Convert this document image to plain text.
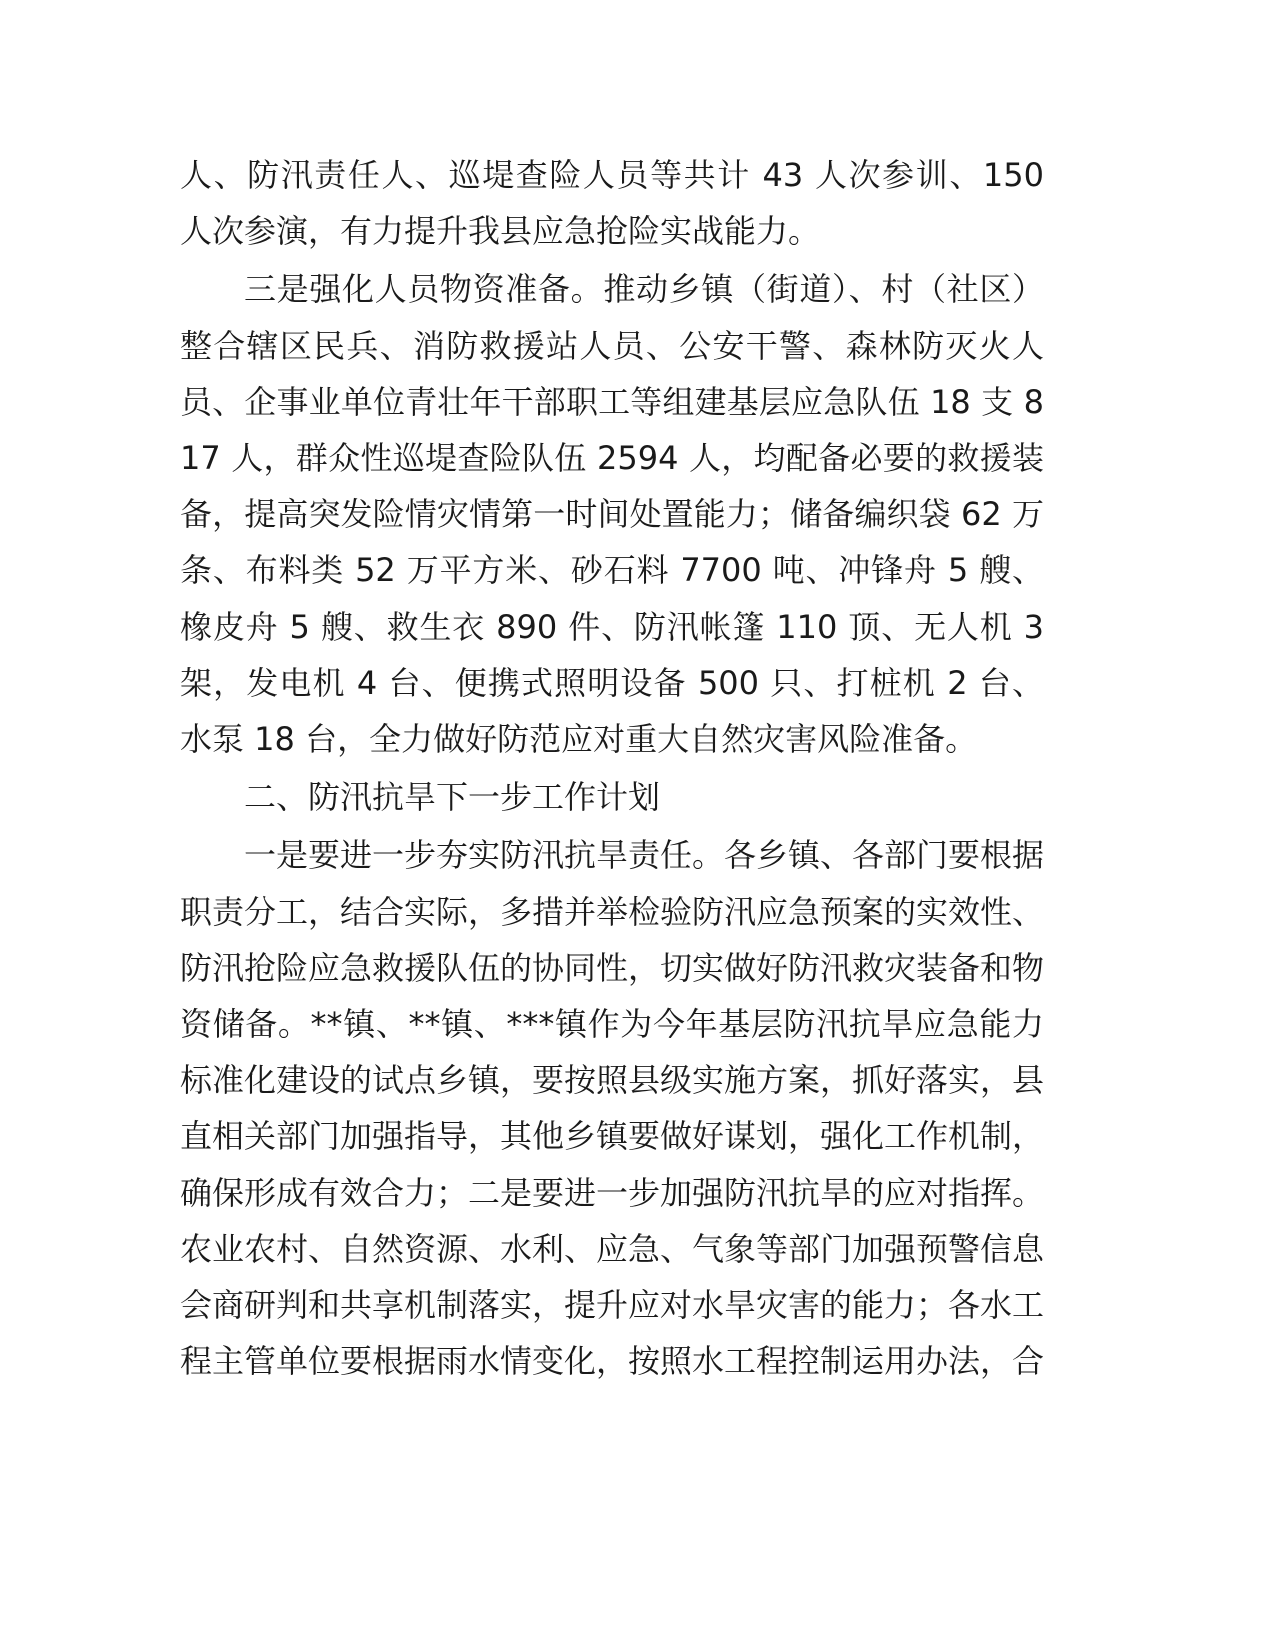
人、防汛责任人、巡堤查险人员等共计 43 人次参训、150 人次参演，有力提升我县应急抢险实战能力。

三是强化人员物资准备。推动乡镇（街道）、村（社区）整合辖区民兵、消防救援站人员、公安干警、森林防灭火人员、企事业单位青壮年干部职工等组建基层应急队伍 18 支 817 人，群众性巡堤查险队伍 2594 人，均配备必要的救援装备，提高突发险情灾情第一时间处置能力；储备编织袋 62 万条、布料类 52 万平方米、砂石料 7700 吨、冲锋舟 5 艘、橡皮舟 5 艘、救生衣 890 件、防汛帐篷 110 顶、无人机 3 架，发电机 4 台、便携式照明设备 500 只、打桩机 2 台、水泵 18 台，全力做好防范应对重大自然灾害风险准备。

二、防汛抗旱下一步工作计划

一是要进一步夯实防汛抗旱责任。各乡镇、各部门要根据职责分工，结合实际，多措并举检验防汛应急预案的实效性、防汛抢险应急救援队伍的协同性，切实做好防汛救灾装备和物资储备。**镇、**镇、***镇作为今年基层防汛抗旱应急能力标准化建设的试点乡镇，要按照县级实施方案，抓好落实，县直相关部门加强指导，其他乡镇要做好谋划，强化工作机制，确保形成有效合力；二是要进一步加强防汛抗旱的应对指挥。农业农村、自然资源、水利、应急、气象等部门加强预警信息会商研判和共享机制落实，提升应对水旱灾害的能力；各水工程主管单位要根据雨水情变化，按照水工程控制运用办法，合
